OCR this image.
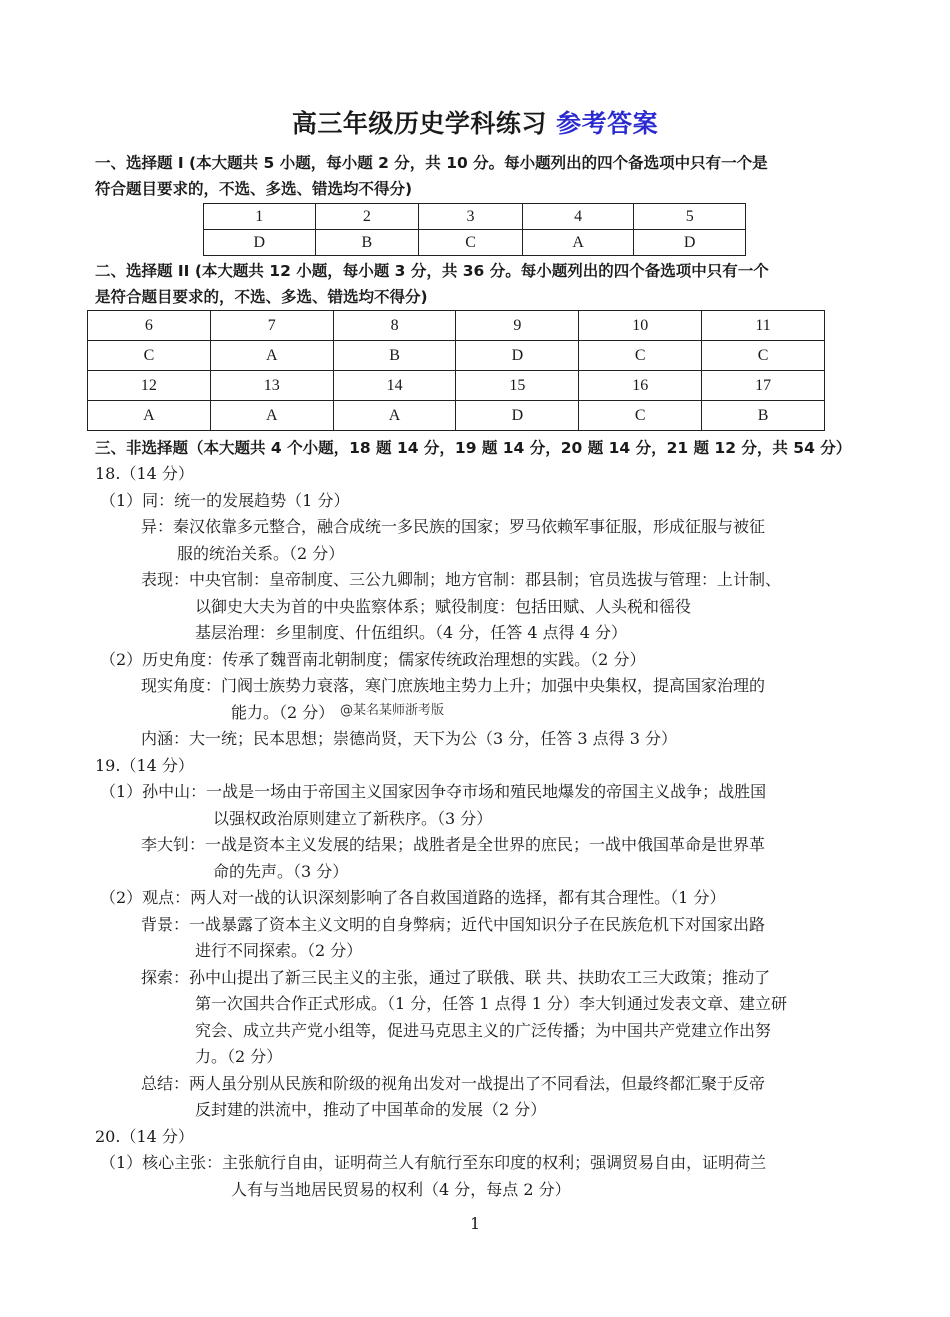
高三年级历史学科练习 参考答案
一、选择题 I (本大题共 5 小题，每小题 2 分，共 10 分。每小题列出的四个备选项中只有一个是
符合题目要求的，不选、多选、错选均不得分)
1	2	3	4	5
D	B	C	A	D
二、选择题 II (本大题共 12 小题，每小题 3 分，共 36 分。每小题列出的四个备选项中只有一个
是符合题目要求的，不选、多选、错选均不得分)
6	7	8	9	10	11
C	A	B	D	C	C
12	13	14	15	16	17
A	A	A	D	C	B
三、非选择题（本大题共 4 个小题，18 题 14 分，19 题 14 分，20 题 14 分，21 题 12 分，共 54 分）
18.（14 分）
（1）同：统一的发展趋势（1 分）
异：秦汉依靠多元整合，融合成统一多民族的国家；罗马依赖军事征服，形成征服与被征
服的统治关系。（2 分）
表现：中央官制：皇帝制度、三公九卿制；地方官制：郡县制；官员选拔与管理：上计制、
以御史大夫为首的中央监察体系；赋役制度：包括田赋、人头税和徭役
基层治理：乡里制度、什伍组织。（4 分，任答 4 点得 4 分）
（2）历史角度：传承了魏晋南北朝制度；儒家传统政治理想的实践。（2 分）
现实角度：门阀士族势力衰落，寒门庶族地主势力上升；加强中央集权，提高国家治理的
能力。（2 分）
内涵：大一统；民本思想；崇德尚贤，天下为公（3 分，任答 3 点得 3 分）
19.（14 分）
（1）孙中山：一战是一场由于帝国主义国家因争夺市场和殖民地爆发的帝国主义战争；战胜国
以强权政治原则建立了新秩序。（3 分）
李大钊：一战是资本主义发展的结果；战胜者是全世界的庶民；一战中俄国革命是世界革
命的先声。（3 分）
（2）观点：两人对一战的认识深刻影响了各自救国道路的选择，都有其合理性。（1 分）
背景：一战暴露了资本主义文明的自身弊病；近代中国知识分子在民族危机下对国家出路
进行不同探索。（2 分）
探索：孙中山提出了新三民主义的主张，通过了联俄、联 共、扶助农工三大政策；推动了
第一次国共合作正式形成。（1 分，任答 1 点得 1 分）李大钊通过发表文章、建立研
究会、成立共产党小组等，促进马克思主义的广泛传播；为中国共产党建立作出努
力。（2 分）
总结：两人虽分别从民族和阶级的视角出发对一战提出了不同看法，但最终都汇聚于反帝
反封建的洪流中，推动了中国革命的发展（2 分）
20.（14 分）
（1）核心主张：主张航行自由，证明荷兰人有航行至东印度的权利；强调贸易自由，证明荷兰
人有与当地居民贸易的权利（4 分，每点 2 分）
@某名某师浙考版
1
